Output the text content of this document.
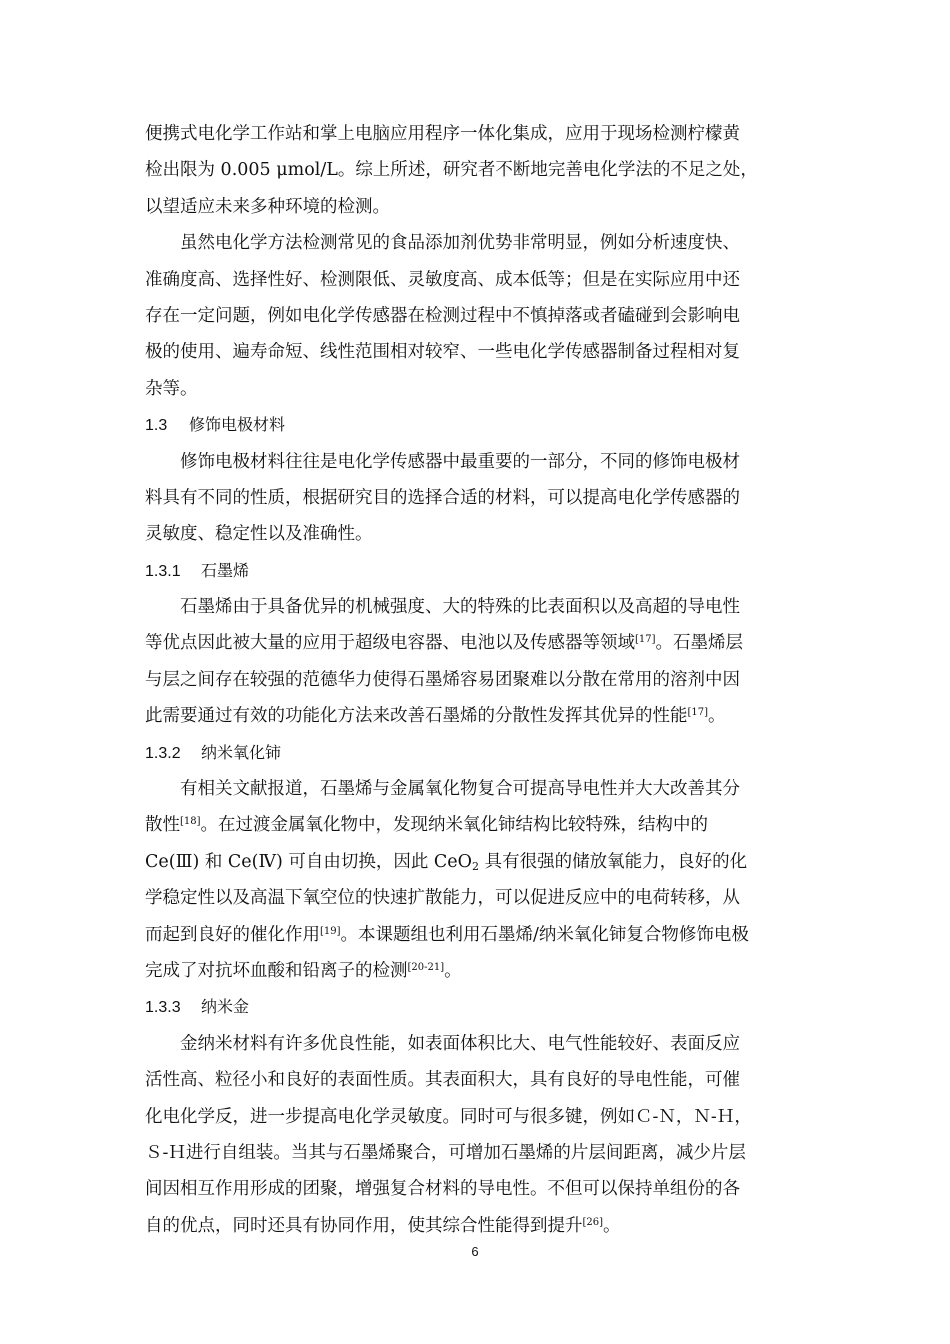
便携式电化学工作站和掌上电脑应用程序一体化集成，应用于现场检测柠檬黄
检出限为 0.005 μmol/L。综上所述，研究者不断地完善电化学法的不足之处，
以望适应未来多种环境的检测。

虽然电化学方法检测常见的食品添加剂优势非常明显，例如分析速度快、
准确度高、选择性好、检测限低、灵敏度高、成本低等；但是在实际应用中还
存在一定问题，例如电化学传感器在检测过程中不慎掉落或者磕碰到会影响电
极的使用、遍寿命短、线性范围相对较窄、一些电化学传感器制备过程相对复
杂等。

1.3 修饰电极材料

修饰电极材料往往是电化学传感器中最重要的一部分，不同的修饰电极材
料具有不同的性质，根据研究目的选择合适的材料，可以提高电化学传感器的
灵敏度、稳定性以及准确性。

1.3.1 石墨烯

石墨烯由于具备优异的机械强度、大的特殊的比表面积以及高超的导电性
等优点因此被大量的应用于超级电容器、电池以及传感器等领域[17]。石墨烯层
与层之间存在较强的范德华力使得石墨烯容易团聚难以分散在常用的溶剂中因
此需要通过有效的功能化方法来改善石墨烯的分散性发挥其优异的性能[17]。

1.3.2 纳米氧化铈

有相关文献报道，石墨烯与金属氧化物复合可提高导电性并大大改善其分
散性[18]。在过渡金属氧化物中，发现纳米氧化铈结构比较特殊，结构中的
Ce(Ⅲ) 和 Ce(Ⅳ) 可自由切换，因此 CeO$_2$ 具有很强的储放氧能力，良好的化
学稳定性以及高温下氧空位的快速扩散能力，可以促进反应中的电荷转移，从
而起到良好的催化作用[19]。本课题组也利用石墨烯/纳米氧化铈复合物修饰电极
完成了对抗坏血酸和铅离子的检测[20-21]。

1.3.3 纳米金

金纳米材料有许多优良性能，如表面体积比大、电气性能较好、表面反应
活性高、粒径小和良好的表面性质。其表面积大，具有良好的导电性能，可催
化电化学反，进一步提高电化学灵敏度。同时可与很多键，例如Ｃ-Ｎ，Ｎ-Ｈ，
Ｓ-Ｈ进行自组装。当其与石墨烯聚合，可增加石墨烯的片层间距离，减少片层
间因相互作用形成的团聚，增强复合材料的导电性。不但可以保持单组份的各
自的优点，同时还具有协同作用，使其综合性能得到提升[26]。

6
